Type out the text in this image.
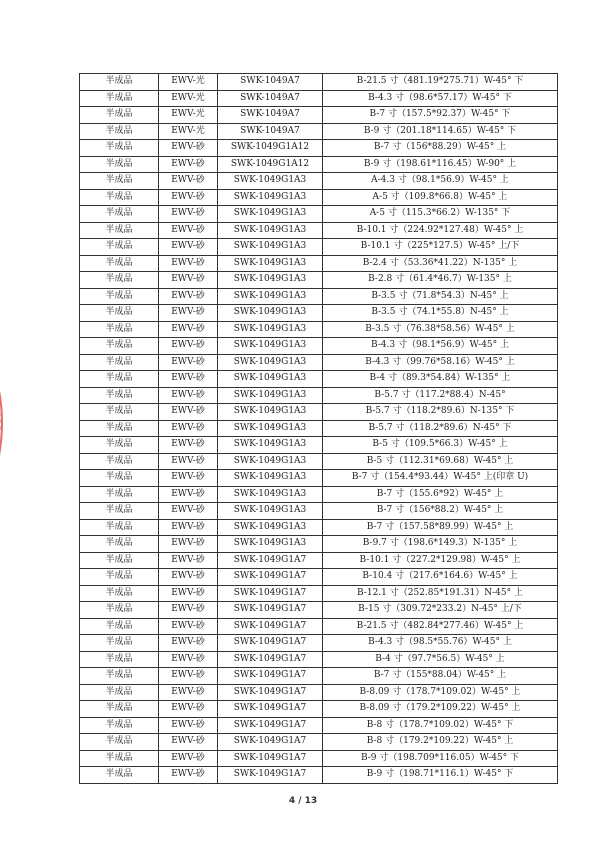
半成品	EWV-光	SWK-1049A7	B-21.5 寸（481.19*275.71）W-45° 下
半成品	EWV-光	SWK-1049A7	B-4.3 寸（98.6*57.17）W-45° 下
半成品	EWV-光	SWK-1049A7	B-7 寸（157.5*92.37）W-45° 下
半成品	EWV-光	SWK-1049A7	B-9 寸（201.18*114.65）W-45° 下
半成品	EWV-砂	SWK-1049G1A12	B-7 寸（156*88.29）W-45° 上
半成品	EWV-砂	SWK-1049G1A12	B-9 寸（198.61*116.45）W-90° 上
半成品	EWV-砂	SWK-1049G1A3	A-4.3 寸（98.1*56.9）W-45° 上
半成品	EWV-砂	SWK-1049G1A3	A-5 寸（109.8*66.8）W-45° 上
半成品	EWV-砂	SWK-1049G1A3	A-5 寸（115.3*66.2）W-135° 下
半成品	EWV-砂	SWK-1049G1A3	B-10.1 寸（224.92*127.48）W-45° 上
半成品	EWV-砂	SWK-1049G1A3	B-10.1 寸（225*127.5）W-45° 上/下
半成品	EWV-砂	SWK-1049G1A3	B-2.4 寸（53.36*41.22）N-135° 上
半成品	EWV-砂	SWK-1049G1A3	B-2.8 寸（61.4*46.7）W-135° 上
半成品	EWV-砂	SWK-1049G1A3	B-3.5 寸（71.8*54.3）N-45° 上
半成品	EWV-砂	SWK-1049G1A3	B-3.5 寸（74.1*55.8）N-45° 上
半成品	EWV-砂	SWK-1049G1A3	B-3.5 寸（76.38*58.56）W-45° 上
半成品	EWV-砂	SWK-1049G1A3	B-4.3 寸（98.1*56.9）W-45° 上
半成品	EWV-砂	SWK-1049G1A3	B-4.3 寸（99.76*58.16）W-45° 上
半成品	EWV-砂	SWK-1049G1A3	B-4 寸（89.3*54.84）W-135° 上
半成品	EWV-砂	SWK-1049G1A3	B-5.7 寸（117.2*88.4）N-45°
半成品	EWV-砂	SWK-1049G1A3	B-5.7 寸（118.2*89.6）N-135° 下
半成品	EWV-砂	SWK-1049G1A3	B-5.7 寸（118.2*89.6）N-45° 下
半成品	EWV-砂	SWK-1049G1A3	B-5 寸（109.5*66.3）W-45° 上
半成品	EWV-砂	SWK-1049G1A3	B-5 寸（112.31*69.68）W-45° 上
半成品	EWV-砂	SWK-1049G1A3	B-7 寸（154.4*93.44）W-45° 上(印章 U)
半成品	EWV-砂	SWK-1049G1A3	B-7 寸（155.6*92）W-45° 上
半成品	EWV-砂	SWK-1049G1A3	B-7 寸（156*88.2）W-45° 上
半成品	EWV-砂	SWK-1049G1A3	B-7 寸（157.58*89.99）W-45° 上
半成品	EWV-砂	SWK-1049G1A3	B-9.7 寸（198.6*149.3）N-135° 上
半成品	EWV-砂	SWK-1049G1A7	B-10.1 寸（227.2*129.98）W-45° 上
半成品	EWV-砂	SWK-1049G1A7	B-10.4 寸（217.6*164.6）W-45° 上
半成品	EWV-砂	SWK-1049G1A7	B-12.1 寸（252.85*191.31）N-45° 上
半成品	EWV-砂	SWK-1049G1A7	B-15 寸（309.72*233.2）N-45° 上/下
半成品	EWV-砂	SWK-1049G1A7	B-21.5 寸（482.84*277.46）W-45° 上
半成品	EWV-砂	SWK-1049G1A7	B-4.3 寸（98.5*55.76）W-45° 上
半成品	EWV-砂	SWK-1049G1A7	B-4 寸（97.7*56.5）W-45° 上
半成品	EWV-砂	SWK-1049G1A7	B-7 寸（155*88.04）W-45° 上
半成品	EWV-砂	SWK-1049G1A7	B-8.09 寸（178.7*109.02）W-45° 上
半成品	EWV-砂	SWK-1049G1A7	B-8.09 寸（179.2*109.22）W-45° 上
半成品	EWV-砂	SWK-1049G1A7	B-8 寸（178.7*109.02）W-45° 下
半成品	EWV-砂	SWK-1049G1A7	B-8 寸（179.2*109.22）W-45° 上
半成品	EWV-砂	SWK-1049G1A7	B-9 寸（198.709*116.05）W-45° 下
半成品	EWV-砂	SWK-1049G1A7	B-9 寸（198.71*116.1）W-45° 下
4 / 13
